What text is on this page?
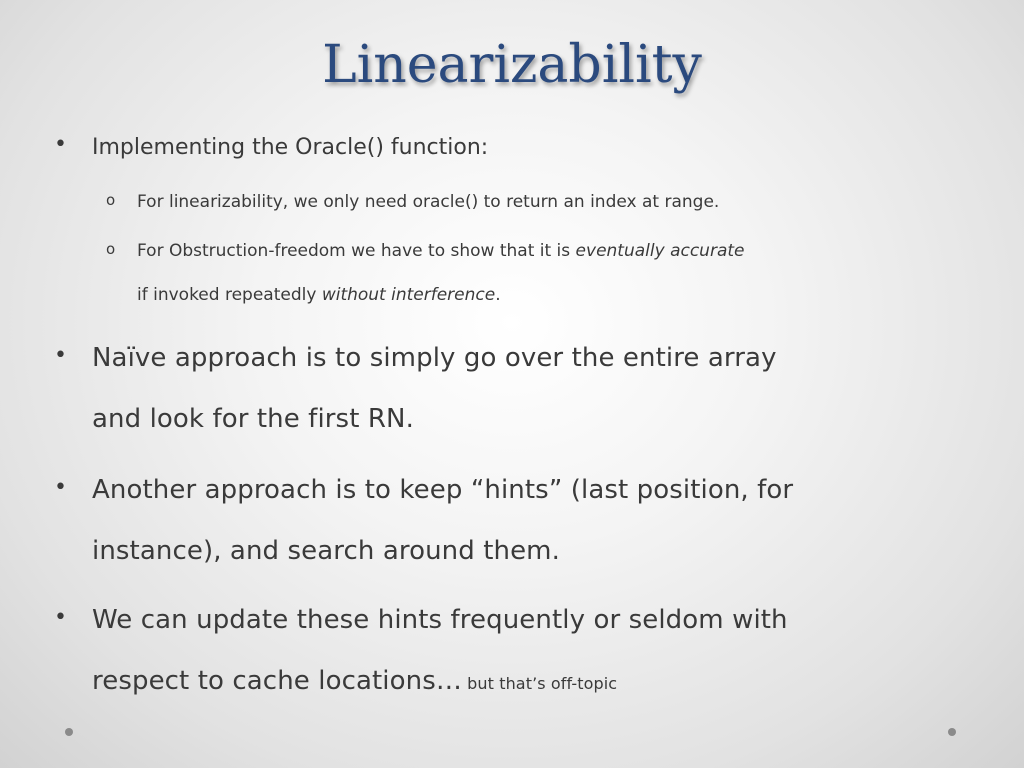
Linearizability
• Implementing the Oracle() function:
o For linearizability, we only need oracle() to return an index at range.
o For Obstruction-freedom we have to show that it is eventually accurate
if invoked repeatedly without interference.
• Naïve approach is to simply go over the entire array
and look for the first RN.
• Another approach is to keep “hints” (last position, for
instance), and search around them.
• We can update these hints frequently or seldom with
respect to cache locations… but that’s off-topic
